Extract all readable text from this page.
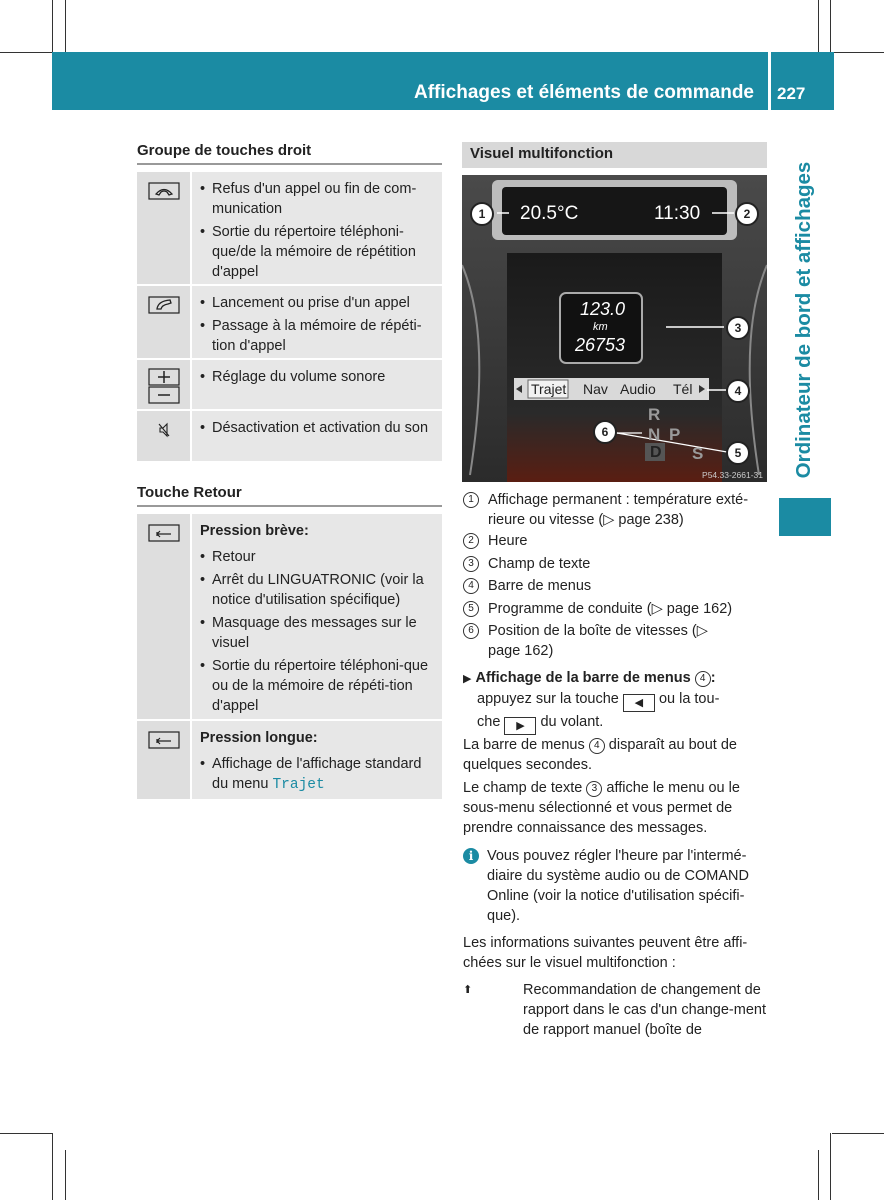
Affichages et éléments de commande 227
Ordinateur de bord et affichages
Groupe de touches droit
• Refus d'un appel ou fin de com-munication
• Sortie du répertoire téléphoni-que/de la mémoire de répétition d'appel
• Lancement ou prise d'un appel
• Passage à la mémoire de répéti-tion d'appel
• Réglage du volume sonore
• Désactivation et activation du son
Touche Retour
Pression brève:
• Retour
• Arrêt du LINGUATRONIC (voir la notice d'utilisation spécifique)
• Masquage des messages sur le visuel
• Sortie du répertoire téléphoni-que ou de la mémoire de répéti-tion d'appel
Pression longue:
• Affichage de l'affichage standard du menu Trajet
Visuel multifonction
20.5°C	11:30
123.0
km
26753
Trajet Nav Audio Tél
R
N P
D S
1	2
3
4
5
6
P54.33-2661-31
1 Affichage permanent : température exté-rieure ou vitesse (▷ page 238)
2 Heure
3 Champ de texte
4 Barre de menus
5 Programme de conduite (▷ page 162)
6 Position de la boîte de vitesses (▷ page 162)
▶ Affichage de la barre de menus 4 :
appuyez sur la touche ◀ ou la tou-
che ▶ du volant.
La barre de menus 4 disparaît au bout de quelques secondes.
Le champ de texte 3 affiche le menu ou le sous-menu sélectionné et vous permet de prendre connaissance des messages.
i Vous pouvez régler l'heure par l'intermé-diaire du système audio ou de COMAND Online (voir la notice d'utilisation spécifi-que).
Les informations suivantes peuvent être affi-chées sur le visuel multifonction :
⬆	Recommandation de changement de rapport dans le cas d'un change-ment de rapport manuel (boîte de
